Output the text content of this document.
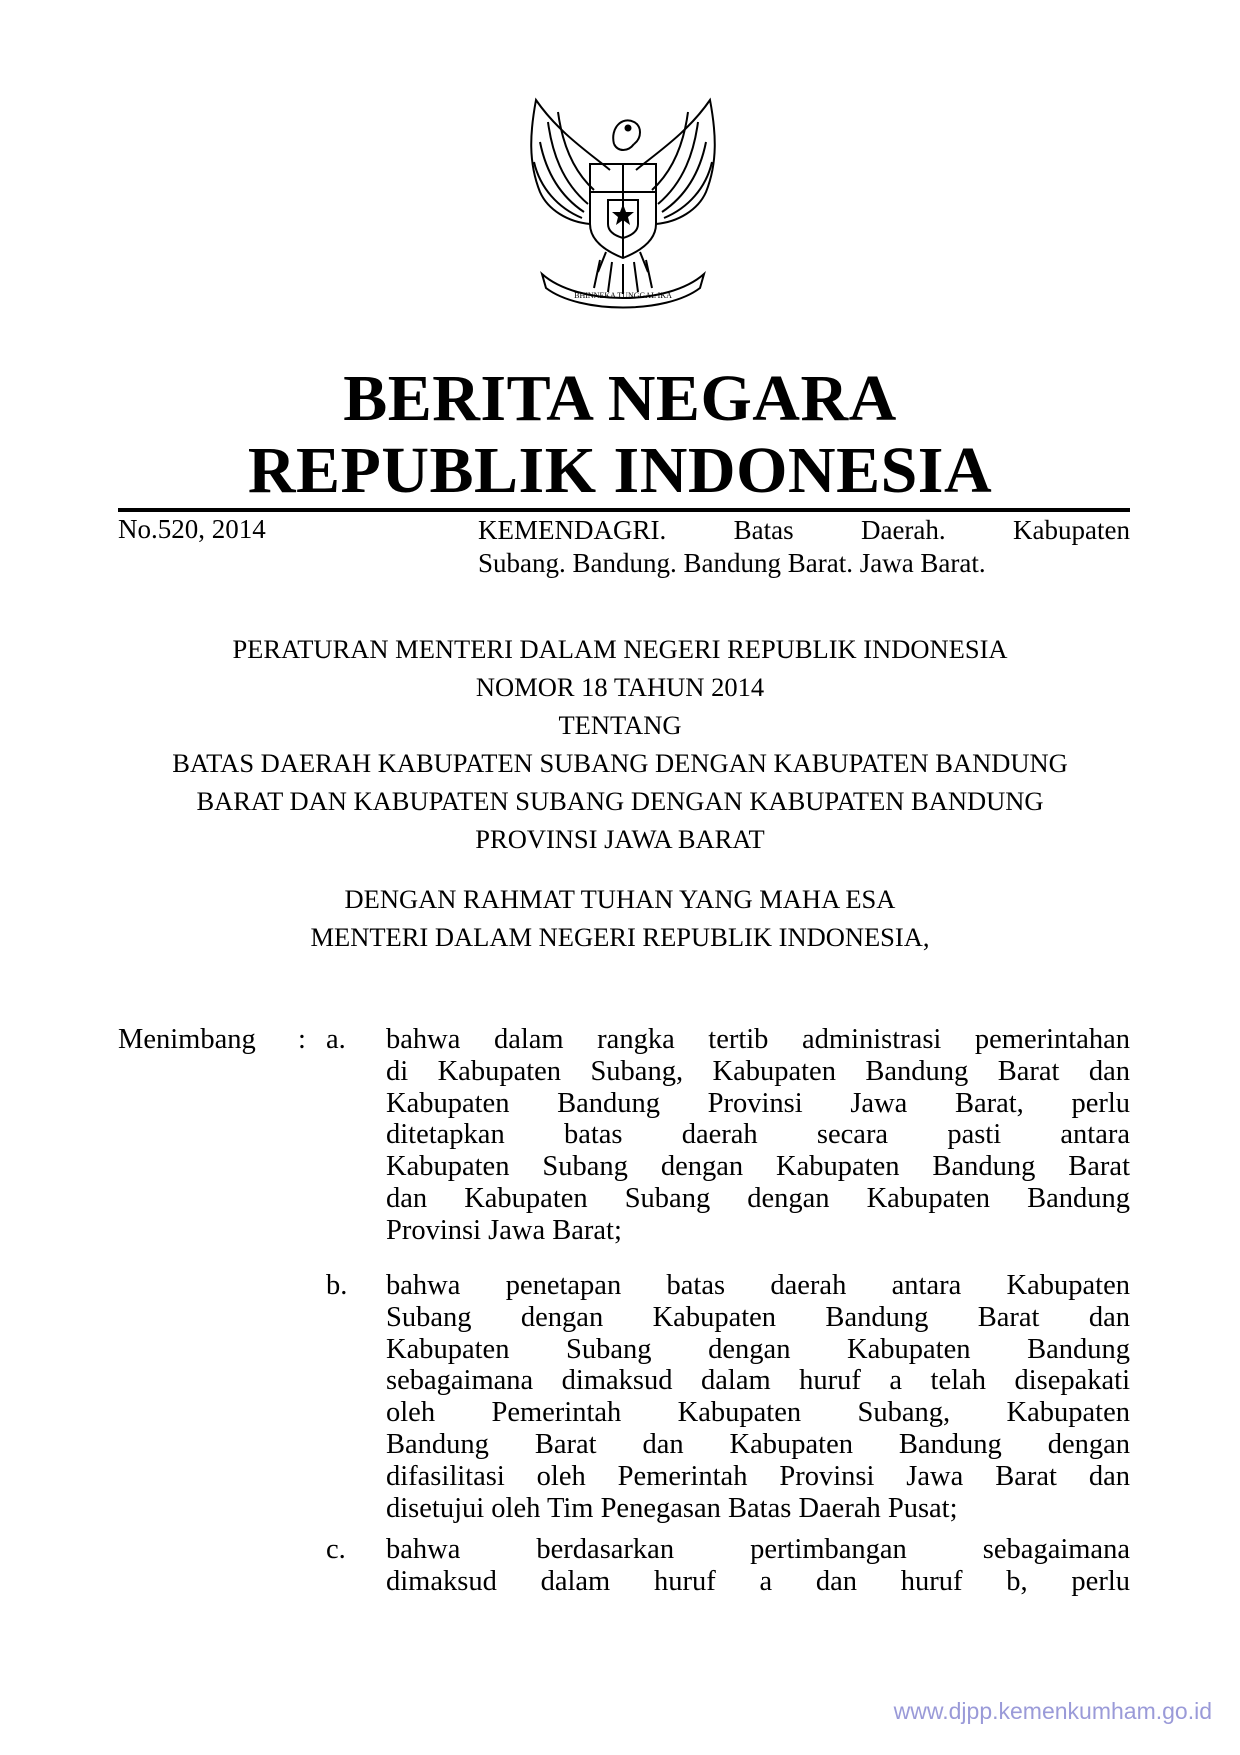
BHINNEKA TUNGGAL IKA
BERITA NEGARA
REPUBLIK INDONESIA
No.520, 2014	KEMENDAGRI. Batas Daerah. Kabupaten
Subang. Bandung. Bandung Barat. Jawa Barat.
PERATURAN MENTERI DALAM NEGERI REPUBLIK INDONESIA
NOMOR 18 TAHUN 2014
TENTANG
BATAS DAERAH KABUPATEN SUBANG DENGAN KABUPATEN BANDUNG
BARAT DAN KABUPATEN SUBANG DENGAN KABUPATEN BANDUNG
PROVINSI JAWA BARAT
DENGAN RAHMAT TUHAN YANG MAHA ESA
MENTERI DALAM NEGERI REPUBLIK INDONESIA,
Menimbang : a. bahwa dalam rangka tertib administrasi pemerintahan
di Kabupaten Subang, Kabupaten Bandung Barat dan
Kabupaten Bandung Provinsi Jawa Barat, perlu
ditetapkan batas daerah secara pasti antara
Kabupaten Subang dengan Kabupaten Bandung Barat
dan Kabupaten Subang dengan Kabupaten Bandung
Provinsi Jawa Barat;
b. bahwa penetapan batas daerah antara Kabupaten
Subang dengan Kabupaten Bandung Barat dan
Kabupaten Subang dengan Kabupaten Bandung
sebagaimana dimaksud dalam huruf a telah disepakati
oleh Pemerintah Kabupaten Subang, Kabupaten
Bandung Barat dan Kabupaten Bandung dengan
difasilitasi oleh Pemerintah Provinsi Jawa Barat dan
disetujui oleh Tim Penegasan Batas Daerah Pusat;
c. bahwa berdasarkan pertimbangan sebagaimana
dimaksud dalam huruf a dan huruf b, perlu
www.djpp.kemenkumham.go.id
